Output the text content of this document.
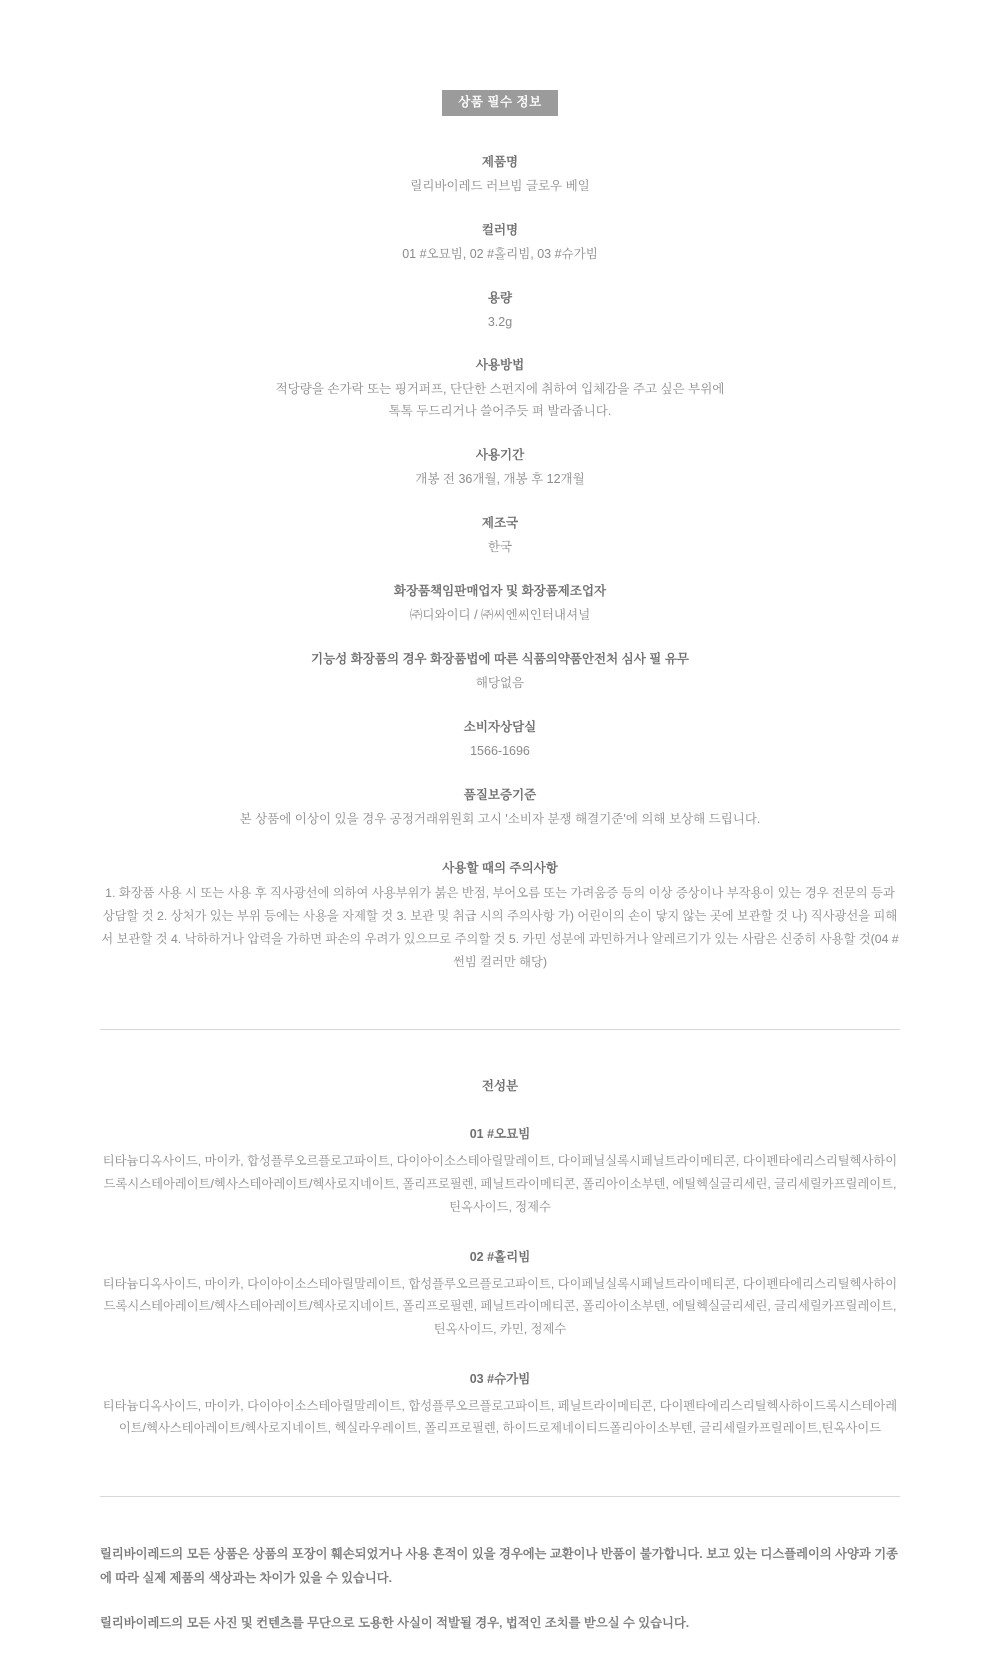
상품 필수 정보
제품명
릴리바이레드 러브빔 글로우 베일
컬러명
01 #오묘빔, 02 #홀리빔, 03 #슈가빔
용량
3.2g
사용방법
적당량을 손가락 또는 핑거퍼프, 단단한 스펀지에 취하여 입체감을 주고 싶은 부위에
톡톡 두드리거나 쓸어주듯 펴 발라줍니다.
사용기간
개봉 전 36개월, 개봉 후 12개월
제조국
한국
화장품책임판매업자 및 화장품제조업자
㈜디와이디 / ㈜씨엔씨인터내셔널
기능성 화장품의 경우 화장품법에 따른 식품의약품안전처 심사 필 유무
해당없음
소비자상담실
1566-1696
품질보증기준
본 상품에 이상이 있을 경우 공정거래위원회 고시 '소비자 분쟁 해결기준'에 의해 보상해 드립니다.
사용할 때의 주의사항
1. 화장품 사용 시 또는 사용 후 직사광선에 의하여 사용부위가 붉은 반점, 부어오름 또는 가려움증 등의 이상 증상이나 부작용이 있는 경우 전문의 등과 상담할 것 2. 상처가 있는 부위 등에는 사용을 자제할 것 3. 보관 및 취급 시의 주의사항 가) 어린이의 손이 닿지 않는 곳에 보관할 것 나) 직사광선을 피해서 보관할 것 4. 낙하하거나 압력을 가하면 파손의 우려가 있으므로 주의할 것 5. 카민 성분에 과민하거나 알레르기가 있는 사람은 신중히 사용할 것(04 #썬빔 컬러만 해당)
전성분
01 #오묘빔
티타늄디옥사이드, 마이카, 합성플루오르플로고파이트, 다이아이소스테아릴말레이트, 다이페닐실록시페닐트라이메티콘, 다이펜타에리스리틸헥사하이드록시스테아레이트/헥사스테아레이트/헥사로지네이트, 폴리프로필렌, 페닐트라이메티콘, 폴리아이소부텐, 에틸헥실글리세린, 글리세릴카프릴레이트, 틴옥사이드, 정제수
02 #홀리빔
티타늄디옥사이드, 마이카, 다이아이소스테아릴말레이트, 합성플루오르플로고파이트, 다이페닐실록시페닐트라이메티콘, 다이펜타에리스리틸헥사하이드록시스테아레이트/헥사스테아레이트/헥사로지네이트, 폴리프로필렌, 페닐트라이메티콘, 폴리아이소부텐, 에틸헥실글리세린, 글리세릴카프릴레이트, 틴옥사이드, 카민, 정제수
03 #슈가빔
티타늄디옥사이드, 마이카, 다이아이소스테아릴말레이트, 합성플루오르플로고파이트, 페닐트라이메티콘, 다이펜타에리스리틸헥사하이드록시스테아레이트/헥사스테아레이트/헥사로지네이트, 헥실라우레이트, 폴리프로필렌, 하이드로제네이티드폴리아이소부텐, 글리세릴카프릴레이트,틴옥사이드
릴리바이레드의 모든 상품은 상품의 포장이 훼손되었거나 사용 흔적이 있을 경우에는 교환이나 반품이 불가합니다. 보고 있는 디스플레이의 사양과 기종에 따라 실제 제품의 색상과는 차이가 있을 수 있습니다.
릴리바이레드의 모든 사진 및 컨텐츠를 무단으로 도용한 사실이 적발될 경우, 법적인 조치를 받으실 수 있습니다.
